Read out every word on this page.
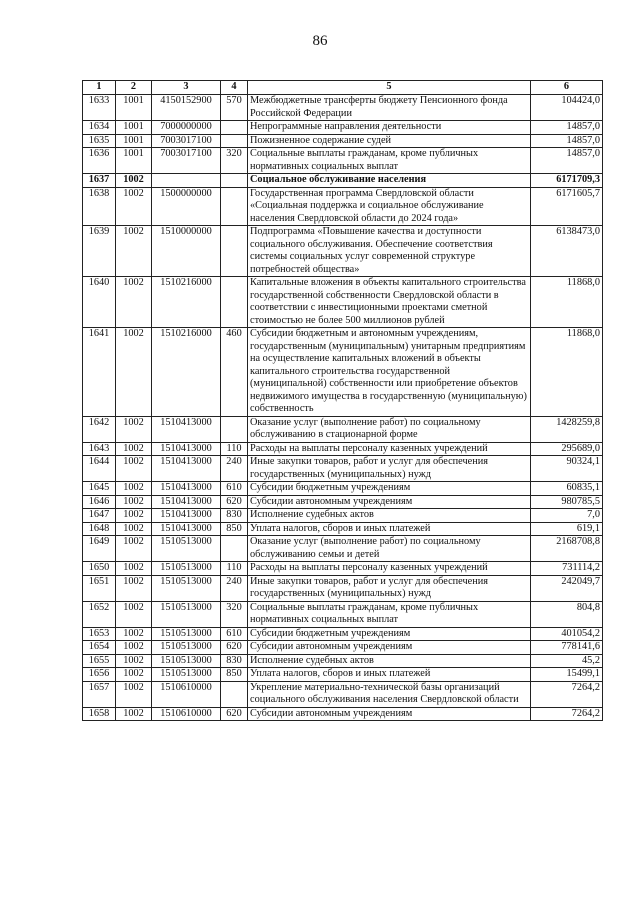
86
1	2	3	4	5	6
1633	1001	4150152900	570	Межбюджетные трансферты бюджету Пенсионного фонда Российской Федерации	104424,0
1634	1001	7000000000		Непрограммные направления деятельности	14857,0
1635	1001	7003017100		Пожизненное содержание судей	14857,0
1636	1001	7003017100	320	Социальные выплаты гражданам, кроме публичных нормативных социальных выплат	14857,0
1637	1002			Социальное обслуживание населения	6171709,3
1638	1002	1500000000		Государственная программа Свердловской области «Социальная поддержка и социальное обслуживание населения Свердловской области до 2024 года»	6171605,7
1639	1002	1510000000		Подпрограмма «Повышение качества и доступности социального обслуживания. Обеспечение соответствия системы социальных услуг современной структуре потребностей общества»	6138473,0
1640	1002	1510216000		Капитальные вложения в объекты капитального строительства государственной собственности Свердловской области в соответствии с инвестиционными проектами сметной стоимостью не более 500 миллионов рублей	11868,0
1641	1002	1510216000	460	Субсидии бюджетным и автономным учреждениям, государственным (муниципальным) унитарным предприятиям на осуществление капитальных вложений в объекты капитального строительства государственной (муниципальной) собственности или приобретение объектов недвижимого имущества в государственную (муниципальную) собственность	11868,0
1642	1002	1510413000		Оказание услуг (выполнение работ) по социальному обслуживанию в стационарной форме	1428259,8
1643	1002	1510413000	110	Расходы на выплаты персоналу казенных учреждений	295689,0
1644	1002	1510413000	240	Иные закупки товаров, работ и услуг для обеспечения государственных (муниципальных) нужд	90324,1
1645	1002	1510413000	610	Субсидии бюджетным учреждениям	60835,1
1646	1002	1510413000	620	Субсидии автономным учреждениям	980785,5
1647	1002	1510413000	830	Исполнение судебных актов	7,0
1648	1002	1510413000	850	Уплата налогов, сборов и иных платежей	619,1
1649	1002	1510513000		Оказание услуг (выполнение работ) по социальному обслуживанию семьи и детей	2168708,8
1650	1002	1510513000	110	Расходы на выплаты персоналу казенных учреждений	731114,2
1651	1002	1510513000	240	Иные закупки товаров, работ и услуг для обеспечения государственных (муниципальных) нужд	242049,7
1652	1002	1510513000	320	Социальные выплаты гражданам, кроме публичных нормативных социальных выплат	804,8
1653	1002	1510513000	610	Субсидии бюджетным учреждениям	401054,2
1654	1002	1510513000	620	Субсидии автономным учреждениям	778141,6
1655	1002	1510513000	830	Исполнение судебных актов	45,2
1656	1002	1510513000	850	Уплата налогов, сборов и иных платежей	15499,1
1657	1002	1510610000		Укрепление материально-технической базы организаций социального обслуживания населения Свердловской области	7264,2
1658	1002	1510610000	620	Субсидии автономным учреждениям	7264,2
